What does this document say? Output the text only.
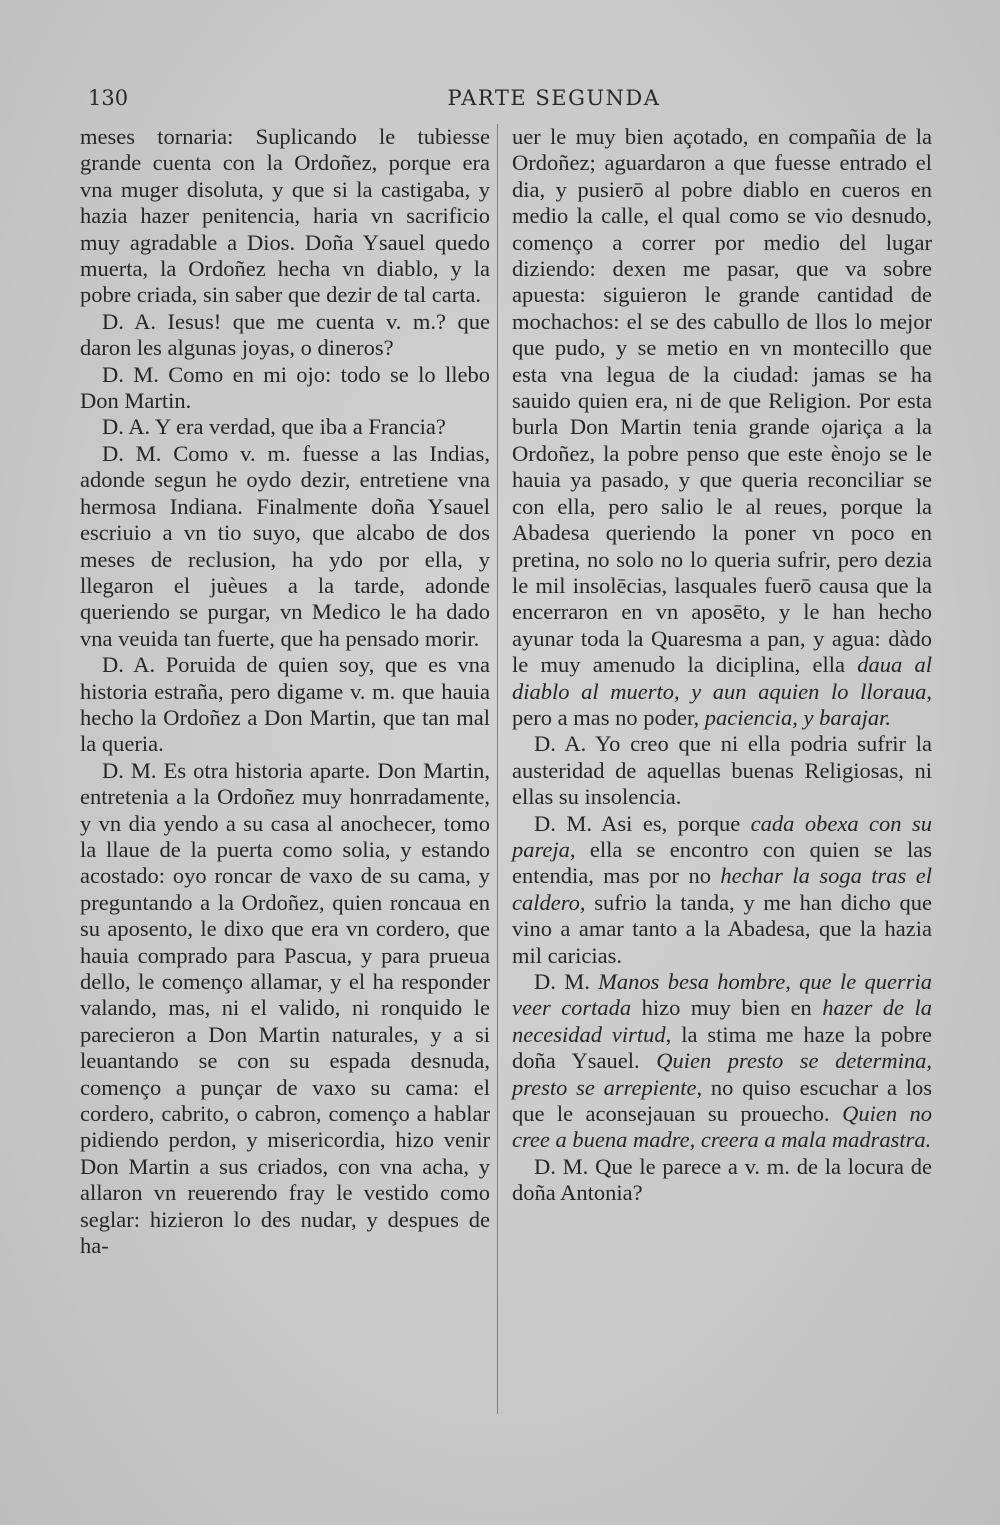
130	PARTE SEGUNDA

meses tornaria: Suplicando le tubiesse grande cuenta con la Ordoñez, porque era vna muger disoluta, y que si la castigaba, y hazia hazer penitencia, haria vn sacrificio muy agradable a Dios. Doña Ysauel quedo muerta, la Ordoñez hecha vn diablo, y la pobre criada, sin saber que dezir de tal carta.

D. A. Iesus! que me cuenta v. m.? que daron les algunas joyas, o dineros?

D. M. Como en mi ojo: todo se lo llebo Don Martin.

D. A. Y era verdad, que iba a Francia?

D. M. Como v. m. fuesse a las Indias, adonde segun he oydo dezir, entretiene vna hermosa Indiana. Finalmente doña Ysauel escriuio a vn tio suyo, que alcabo de dos meses de reclusion, ha ydo por ella, y llegaron el juèues a la tarde, adonde queriendo se purgar, vn Medico le ha dado vna veuida tan fuerte, que ha pensado morir.

D. A. Poruida de quien soy, que es vna historia estraña, pero digame v. m. que hauia hecho la Ordoñez a Don Martin, que tan mal la queria.

D. M. Es otra historia aparte. Don Martin, entretenia a la Ordoñez muy honrradamente, y vn dia yendo a su casa al anochecer, tomo la llaue de la puerta como solia, y estando acostado: oyo roncar de vaxo de su cama, y preguntando a la Ordoñez, quien roncaua en su aposento, le dixo que era vn cordero, que hauia comprado para Pascua, y para prueua dello, le començo allamar, y el ha responder valando, mas, ni el valido, ni ronquido le parecieron a Don Martin naturales, y a si leuantando se con su espada desnuda, començo a punçar de vaxo su cama: el cordero, cabrito, o cabron, començo a hablar pidiendo perdon, y misericordia, hizo venir Don Martin a sus criados, con vna acha, y allaron vn reuerendo fray le vestido como seglar: hizieron lo des nudar, y despues de ha-

uer le muy bien açotado, en compañia de la Ordoñez; aguardaron a que fuesse entrado el dia, y pusierō al pobre diablo en cueros en medio la calle, el qual como se vio desnudo, començo a correr por medio del lugar diziendo: dexen me pasar, que va sobre apuesta: siguieron le grande cantidad de mochachos: el se des cabullo de llos lo mejor que pudo, y se metio en vn montecillo que esta vna legua de la ciudad: jamas se ha sauido quien era, ni de que Religion. Por esta burla Don Martin tenia grande ojariça a la Ordoñez, la pobre penso que este ènojo se le hauia ya pasado, y que queria reconciliar se con ella, pero salio le al reues, porque la Abadesa queriendo la poner vn poco en pretina, no solo no lo queria sufrir, pero dezia le mil insolēcias, lasquales fuerō causa que la encerraron en vn aposēto, y le han hecho ayunar toda la Quaresma a pan, y agua: dàdo le muy amenudo la diciplina, ella daua al diablo al muerto, y aun aquien lo llorаua, pero a mas no poder, paciencia, y barajar.

D. A. Yo creo que ni ella podria sufrir la austeridad de aquellas buenas Religiosas, ni ellas su insolencia.

D. M. Asi es, porque cada obexa con su pareja, ella se encontro con quien se las entendia, mas por no hechar la soga tras el caldero, sufrio la tanda, y me han dicho que vino a amar tanto a la Abadesa, que la hazia mil caricias.

D. M. Manos besa hombre, que le querria veer cortada hizo muy bien en hazer de la necesidad virtud, la stima me haze la pobre doña Ysauel. Quien presto se determina, presto se arrepiente, no quiso escuchar a los que le aconsejauan su prouecho. Quien no cree a buena madre, creera a mala madrastra.

D. M. Que le parece a v. m. de la locura de doña Antonia?
